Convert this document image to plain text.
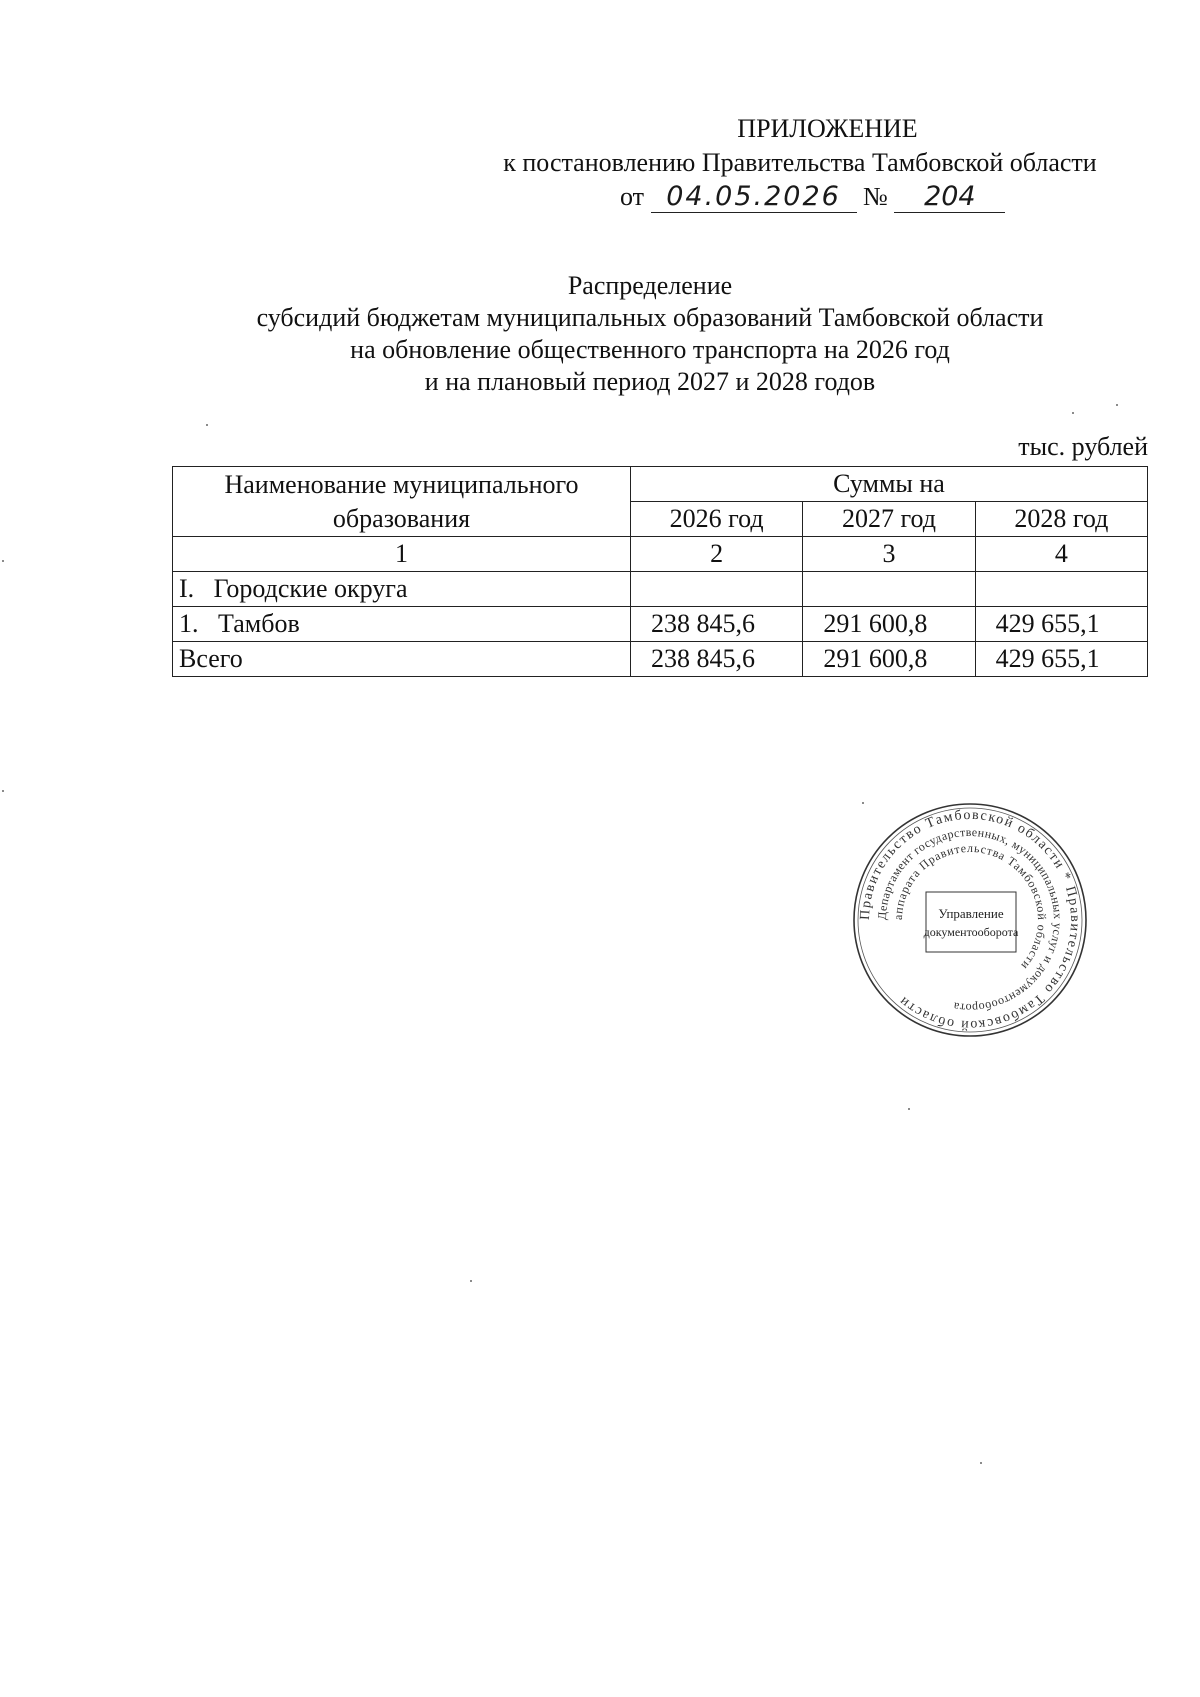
ПРИЛОЖЕНИЕ
к постановлению Правительства Тамбовской области
от 04.05.2026 № 204
Распределение
субсидий бюджетам муниципальных образований Тамбовской области
на обновление общественного транспорта на 2026 год
и на плановый период 2027 и 2028 годов
тыс. рублей
Наименование муниципального образования	Суммы на		
	2026 год	2027 год	2028 год
1	2	3	4
I.   Городские округа			
1.   Тамбов	238 845,6	291 600,8	429 655,1
Всего	238 845,6	291 600,8	429 655,1
Правительство Тамбовской области * Правительство Тамбовской области
Департамент государственных, муниципальных услуг и документооборота
аппарата Правительства Тамбовской области
Управление
документооборота
